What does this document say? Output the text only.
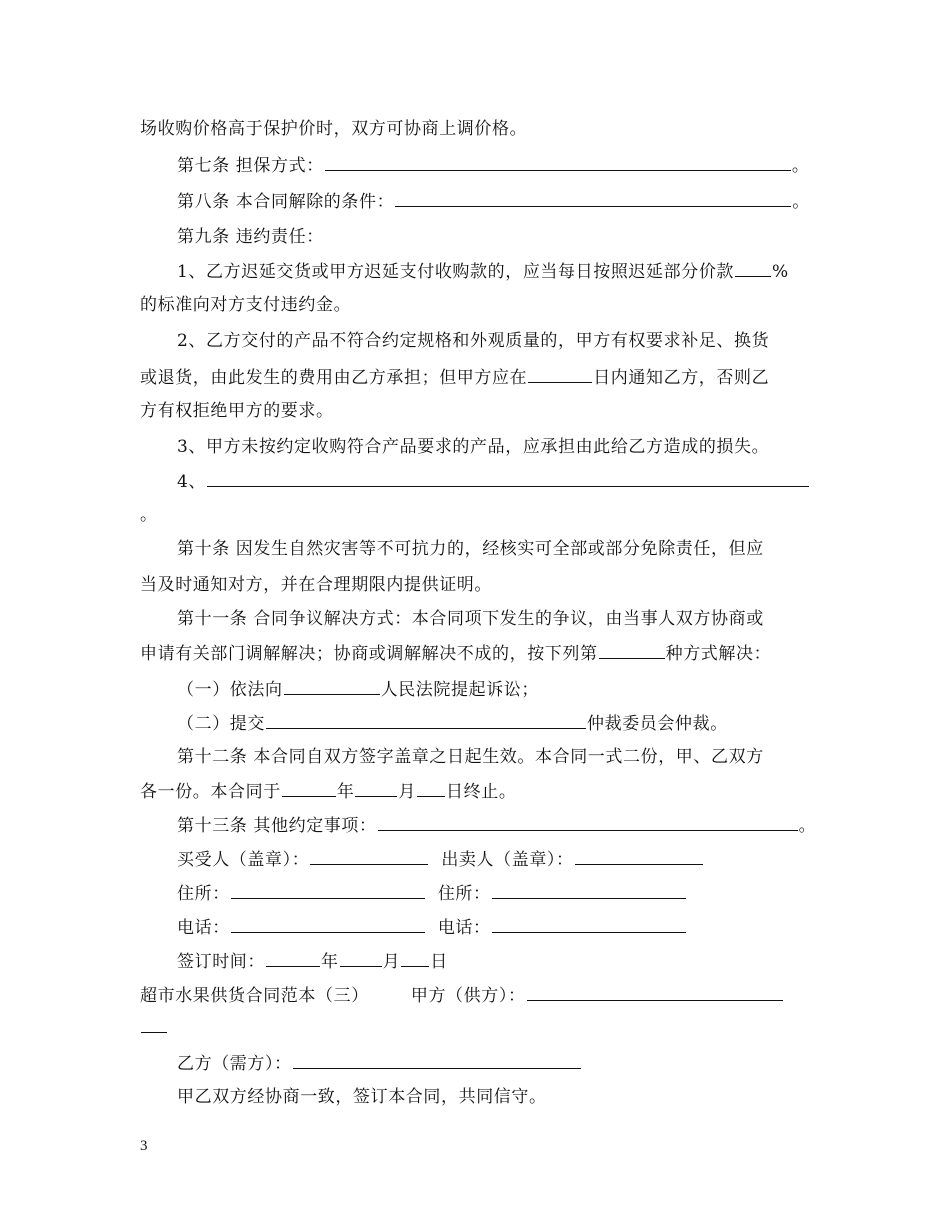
场收购价格高于保护价时，双方可协商上调价格。
第七条 担保方式：	。
第八条 本合同解除的条件：	。
第九条 违约责任：
1、乙方迟延交货或甲方迟延支付收购款的，应当每日按照迟延部分价款 %
的标准向对方支付违约金。
2、乙方交付的产品不符合约定规格和外观质量的，甲方有权要求补足、换货
或退货，由此发生的费用由乙方承担；但甲方应在	日内通知乙方，否则乙
方有权拒绝甲方的要求。
3、甲方未按约定收购符合产品要求的产品，应承担由此给乙方造成的损失。
4、
。
第十条 因发生自然灾害等不可抗力的，经核实可全部或部分免除责任，但应
当及时通知对方，并在合理期限内提供证明。
第十一条 合同争议解决方式：本合同项下发生的争议，由当事人双方协商或
申请有关部门调解解决；协商或调解解决不成的，按下列第	种方式解决：
（一）依法向	人民法院提起诉讼；
（二）提交	仲裁委员会仲裁。
第十二条 本合同自双方签字盖章之日起生效。本合同一式二份，甲、乙双方
各一份。本合同于	年	月 日终止。
第十三条 其他约定事项：	。
买受人（盖章）：	出卖人（盖章）：
住所：	住所：
电话：	电话：
签订时间：	年	月 日
超市水果供货合同范本（三） 甲方（供方）：
乙方（需方）：
甲乙双方经协商一致，签订本合同，共同信守。
3
